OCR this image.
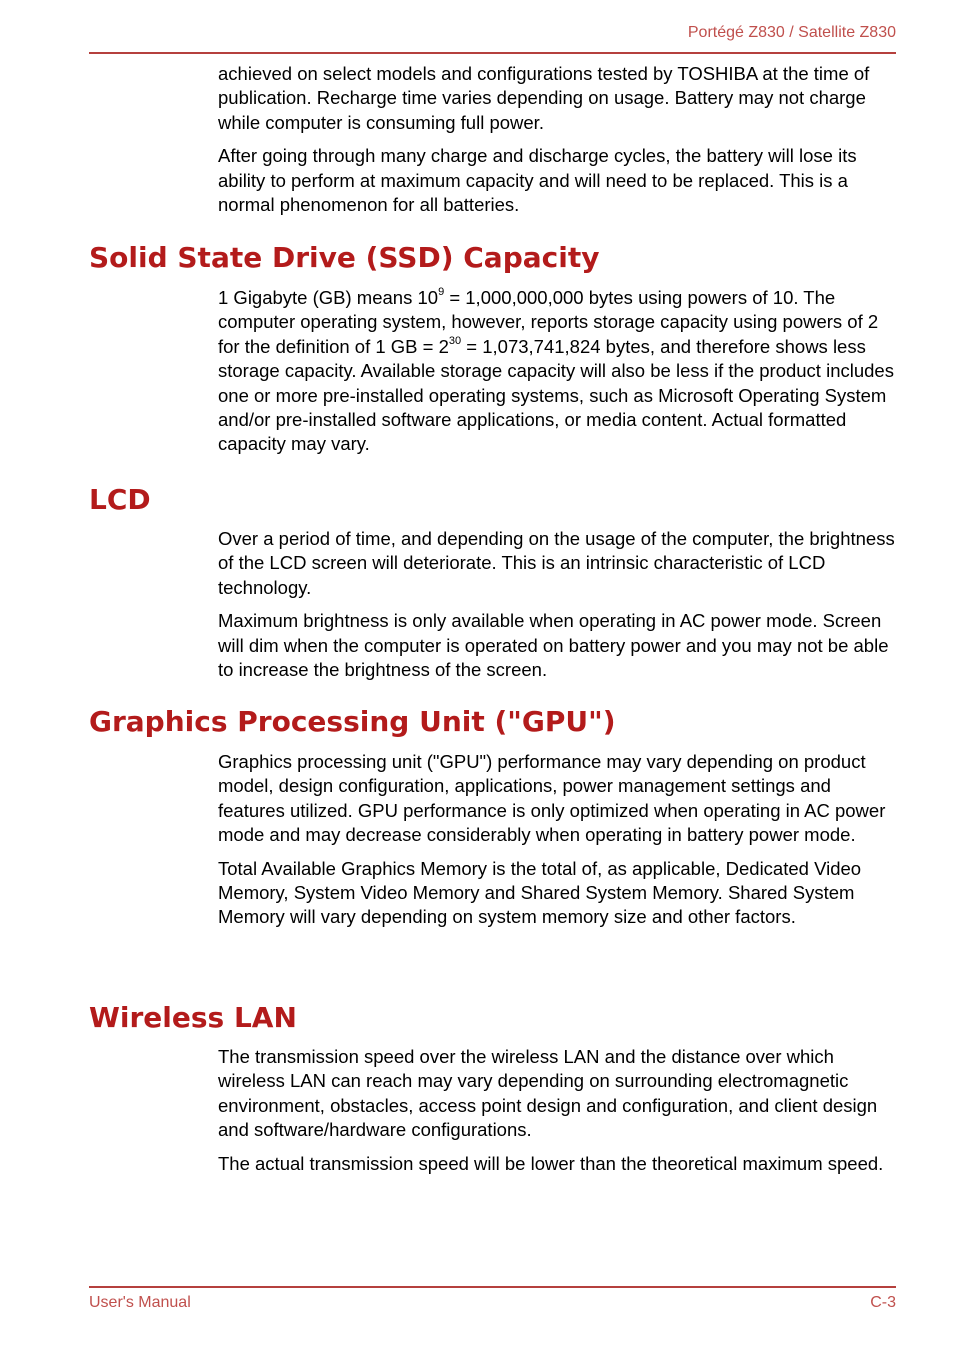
Portégé Z830 / Satellite Z830

achieved on select models and configurations tested by TOSHIBA at the time of publication. Recharge time varies depending on usage. Battery may not charge while computer is consuming full power.

After going through many charge and discharge cycles, the battery will lose its ability to perform at maximum capacity and will need to be replaced. This is a normal phenomenon for all batteries.

Solid State Drive (SSD) Capacity

1 Gigabyte (GB) means $10^9 = 1,000,000,000$ bytes using powers of 10. The computer operating system, however, reports storage capacity using powers of 2 for the definition of 1 GB = $2^{30} = 1,073,741,824$ bytes, and therefore shows less storage capacity. Available storage capacity will also be less if the product includes one or more pre-installed operating systems, such as Microsoft Operating System and/or pre-installed software applications, or media content. Actual formatted capacity may vary.

LCD

Over a period of time, and depending on the usage of the computer, the brightness of the LCD screen will deteriorate. This is an intrinsic characteristic of LCD technology.

Maximum brightness is only available when operating in AC power mode. Screen will dim when the computer is operated on battery power and you may not be able to increase the brightness of the screen.

Graphics Processing Unit ("GPU")

Graphics processing unit ("GPU") performance may vary depending on product model, design configuration, applications, power management settings and features utilized. GPU performance is only optimized when operating in AC power mode and may decrease considerably when operating in battery power mode.

Total Available Graphics Memory is the total of, as applicable, Dedicated Video Memory, System Video Memory and Shared System Memory. Shared System Memory will vary depending on system memory size and other factors.

Wireless LAN

The transmission speed over the wireless LAN and the distance over which wireless LAN can reach may vary depending on surrounding electromagnetic environment, obstacles, access point design and configuration, and client design and software/hardware configurations.

The actual transmission speed will be lower than the theoretical maximum speed.

User's Manual	C-3
